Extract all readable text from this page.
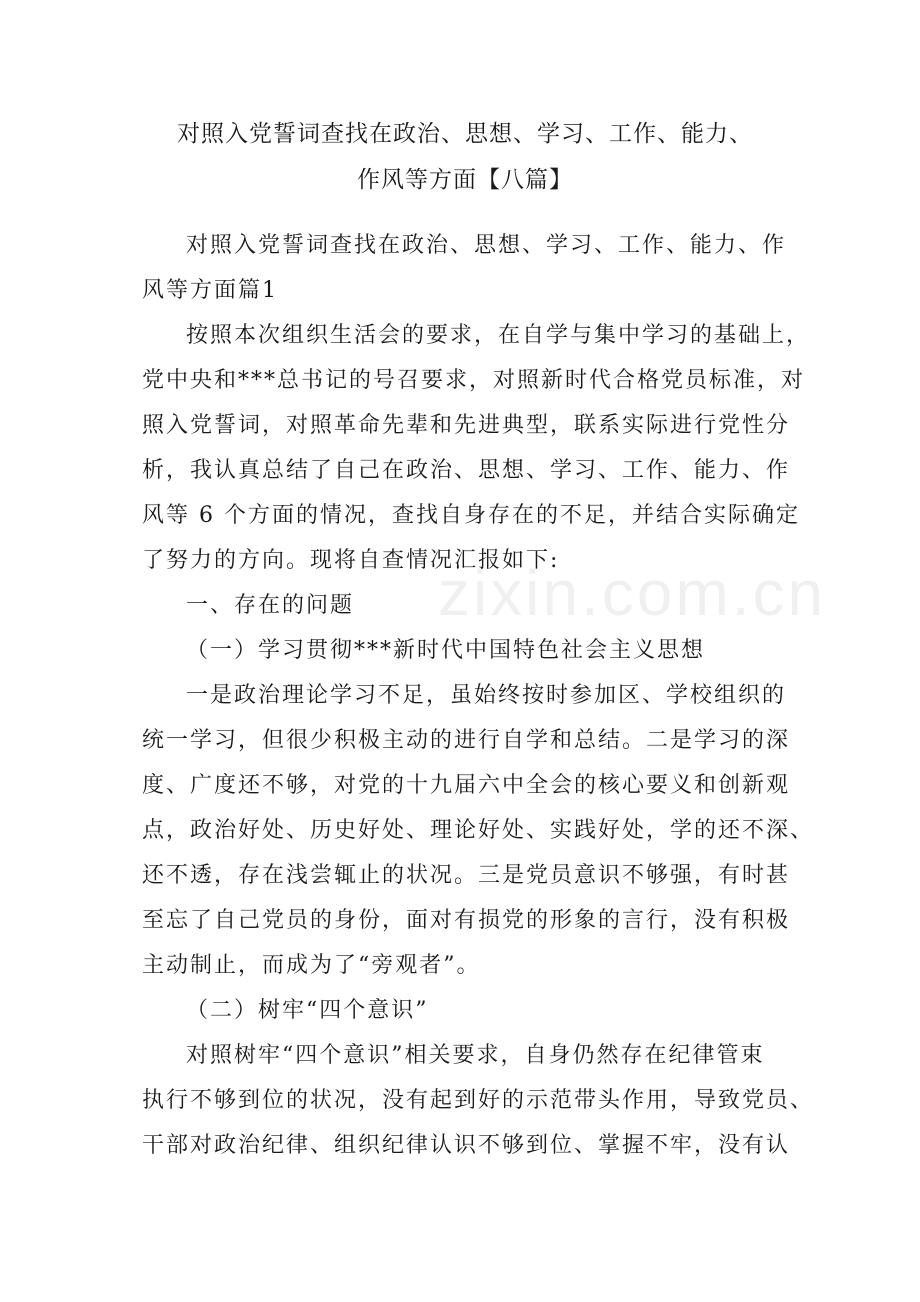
对照入党誓词查找在政治、思想、学习、工作、能力、
作风等方面【八篇】
对照入党誓词查找在政治、思想、学习、工作、能力、作
风等方面篇1
按照本次组织生活会的要求，在自学与集中学习的基础上，
党中央和***总书记的号召要求，对照新时代合格党员标准，对
照入党誓词，对照革命先辈和先进典型，联系实际进行党性分
析，我认真总结了自己在政治、思想、学习、工作、能力、作
风等 6 个方面的情况，查找自身存在的不足，并结合实际确定
了努力的方向。现将自查情况汇报如下:
一、存在的问题
（一）学习贯彻***新时代中国特色社会主义思想
一是政治理论学习不足，虽始终按时参加区、学校组织的
统一学习，但很少积极主动的进行自学和总结。二是学习的深
度、广度还不够，对党的十九届六中全会的核心要义和创新观
点，政治好处、历史好处、理论好处、实践好处，学的还不深、
还不透，存在浅尝辄止的状况。三是党员意识不够强，有时甚
至忘了自己党员的身份，面对有损党的形象的言行，没有积极
主动制止，而成为了“旁观者”。
（二）树牢“四个意识”
对照树牢“四个意识”相关要求，自身仍然存在纪律管束
执行不够到位的状况，没有起到好的示范带头作用，导致党员、
干部对政治纪律、组织纪律认识不够到位、掌握不牢，没有认
zixin.com.cn
